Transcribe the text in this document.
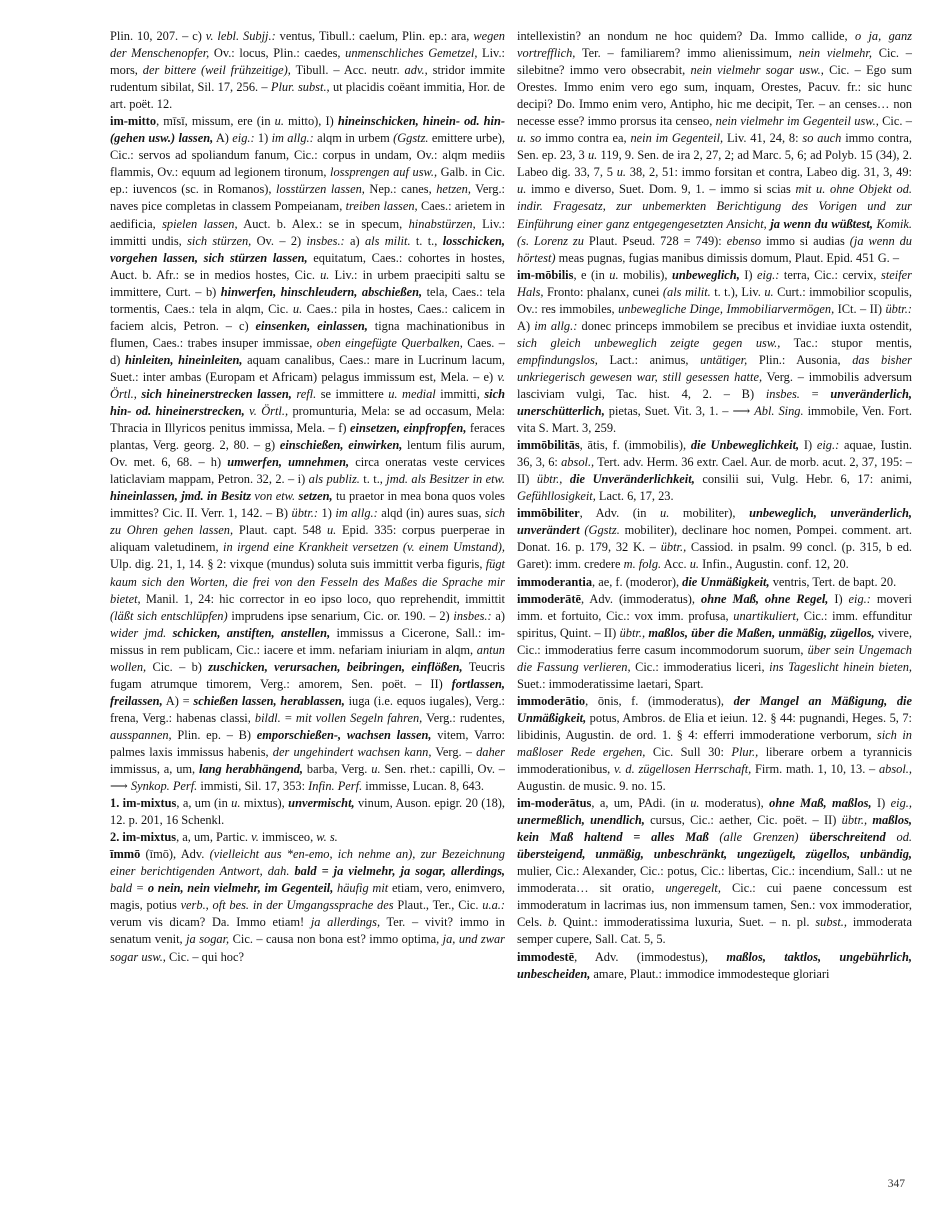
Plin. 10, 207. – c) v. lebl. Subjj.: ventus, Tibull.: caelum, Plin. ep.: ara, wegen der Menschenopfer, Ov.: locus, Plin.: caedes, unmenschliches Gemetzel, Liv.: mors, der bittere (weil frühzeitige), Tibull. – Acc. neutr. adv., stridor immite rudentum sibilat, Sil. 17, 256. – Plur. subst., ut placidis coëant immitia, Hor. de art. poët. 12.

im-mitto, mīsī, missum, ere (in u. mitto), I) hineinschicken, hinein- od. hin- (gehen usw.) lassen, A) eig.: 1) im allg.: alqm in urbem (Ggstz. emittere urbe), Cic.: servos ad spoliandum fanum, Cic.: corpus in undam, Ov.: alqm mediis flammis, Ov.: equum ad legionem tironum, lossprengen auf usw., Galb. in Cic. ep.: iuvencos (sc. in Romanos), losstürzen lassen, Nep.: canes, hetzen, Verg.: naves pice completas in classem Pompeianam, treiben lassen, Caes.: arietem in aedificia, spielen lassen, Auct. b. Alex.: se in specum, hinabstürzen, Liv.: immitti undis, sich stürzen, Ov. – 2) insbes.: a) als milit. t. t., losschicken, vorgehen lassen, sich stürzen lassen, equitatum, Caes.: cohortes in hostes, Auct. b. Afr.: se in medios hostes, Cic. u. Liv.: in urbem praecipiti saltu se immittere, Curt. – b) hinwerfen, hinschleudern, abschießen, tela, Caes.: tela tormentis, Caes.: tela in alqm, Cic. u. Caes.: pila in hostes, Caes.: calicem in faciem alcis, Petron. – c) einsenken, einlassen, tigna machinationibus in flumen, Caes.: trabes insuper immissae, oben eingefügte Querbalken, Caes. – d) hinleiten, hineinleiten, aquam canalibus, Caes.: mare in Lucrinum lacum, Suet.: inter ambas (Europam et Africam) pelagus immissum est, Mela. – e) v. Örtl., sich hineinerstrecken lassen, refl. se immittere u. medial immitti, sich hin- od. hineinerstrecken, v. Örtl., promunturia, Mela: se ad occasum, Mela: Thracia in Illyricos penitus immissa, Mela. – f) einsetzen, einpfropfen, feraces plantas, Verg. georg. 2, 80. – g) einschießen, einwirken, lentum filis aurum, Ov. met. 6, 68. – h) umwerfen, umnehmen, circa oneratas veste cervices laticlaviam mappam, Petron. 32, 2. – i) als publiz. t. t., jmd. als Besitzer in etw. hineinlassen, jmd. in Besitz von etw. setzen, tu praetor in mea bona quos voles immittes? Cic. II. Verr. 1, 142. – B) übtr.: 1) im allg.: alqd (in) aures suas, sich zu Ohren gehen lassen, Plaut. capt. 548 u. Epid. 335: corpus puerperae in aliquam valetudinem, in irgend eine Krankheit versetzen (v. einem Umstand), Ulp. dig. 21, 1, 14. § 2: vixque (mundus) soluta suis immittit verba figuris, fügt kaum sich den Worten, die frei von den Fesseln des Maßes die Sprache mir bietet, Manil. 1, 24: hic corrector in eo ipso loco, quo reprehendit, immittit (läßt sich entschlüpfen) imprudens ipse senarium, Cic. or. 190. – 2) insbes.: a) wider jmd. schicken, anstiften, anstellen, immissus a Cicerone, Sall.: immissus in rem publicam, Cic.: iacere et imm. nefariam iniuriam in alqm, antun wollen, Cic. – b) zuschicken, verursachen, beibringen, einflößen, Teucris fugam atrumque timorem, Verg.: amorem, Sen. poët. – II) fortlassen, freilassen, A) = schießen lassen, herablassen, iuga (i.e. equos iugales), Verg.: frena, Verg.: habenas classi, bildl. = mit vollen Segeln fahren, Verg.: rudentes, ausspannen, Plin. ep. – B) emporschießen-, wachsen lassen, vitem, Varro: palmes laxis immissus habenis, der ungehindert wachsen kann, Verg. – daher immissus, a, um, lang herabhängend, barba, Verg. u. Sen. rhet.: capilli, Ov. – ⟶ Synkop. Perf. immisti, Sil. 17, 353: Infin. Perf. immisse, Lucan. 8, 643.

1. im-mixtus, a, um (in u. mixtus), unvermischt, vinum, Auson. epigr. 20 (18), 12. p. 201, 16 Schenkl.

2. im-mixtus, a, um, Partic. v. immisceo, w. s.

īmmō (īmō), Adv. (vielleicht aus *en-emo, ich nehme an), zur Bezeichnung einer berichtigenden Antwort, dah. bald = ja vielmehr, ja sogar, allerdings, bald = o nein, nein vielmehr, im Gegenteil, häufig mit etiam, vero, enimvero, magis, potius verb., oft bes. in der Umgangssprache des Plaut., Ter., Cic. u.a.: verum vis dicam? Da. Immo etiam! ja allerdings, Ter. – vivit? immo in senatum venit, ja sogar, Cic. – causa non bona est? immo optima, ja, und zwar sogar usw., Cic. – qui hoc?

intellexistin? an nondum ne hoc quidem? Da. Immo callide, o ja, ganz vortrefflich, Ter. – familiarem? immo alienissimum, nein vielmehr, Cic. – silebitne? immo vero obsecrabit, nein vielmehr sogar usw., Cic. – Ego sum Orestes. Immo enim vero ego sum, inquam, Orestes, Pacuv. fr.: sic hunc decipi? Do. Immo enim vero, Antipho, hic me decipit, Ter. – an censes… non necesse esse? immo prorsus ita censeo, nein vielmehr im Gegenteil usw., Cic. – u. so immo contra ea, nein im Gegenteil, Liv. 41, 24, 8: so auch immo contra, Sen. ep. 23, 3 u. 119, 9. Sen. de ira 2, 27, 2; ad Marc. 5, 6; ad Polyb. 15 (34), 2. Labeo dig. 33, 7, 5 u. 38, 2, 51: immo forsitan et contra, Labeo dig. 31, 3, 49: u. immo e diverso, Suet. Dom. 9, 1. – immo si scias mit u. ohne Objekt od. indir. Fragesatz, zur unbemerkten Berichtigung des Vorigen und zur Einführung einer ganz entgegengesetzten Ansicht, ja wenn du wüßtest, Komik. (s. Lorenz zu Plaut. Pseud. 728 = 749): ebenso immo si audias (ja wenn du hörtest) meas pugnas, fugias manibus dimissis domum, Plaut. Epid. 451 G. –

im-mōbilis, e (in u. mobilis), unbeweglich, I) eig.: terra, Cic.: cervix, steifer Hals, Fronto: phalanx, cunei (als milit. t. t.), Liv. u. Curt.: immobilior scopulis, Ov.: res immobiles, unbewegliche Dinge, Immobiliarvermögen, ICt. – II) übtr.: A) im allg.: donec princeps immobilem se precibus et invidiae iuxta ostendit, sich gleich unbeweglich zeigte gegen usw., Tac.: stupor mentis, empfindungslos, Lact.: animus, untätiger, Plin.: Ausonia, das bisher unkriegerisch gewesen war, still gesessen hatte, Verg. – immobilis adversum lasciviam vulgi, Tac. hist. 4, 2. – B) insbes. = unveränderlich, unerschütterlich, pietas, Suet. Vit. 3, 1. – ⟶ Abl. Sing. immobile, Ven. Fort. vita S. Mart. 3, 259.

immōbilitās, ātis, f. (immobilis), die Unbeweglichkeit, I) eig.: aquae, Iustin. 36, 3, 6: absol., Tert. adv. Herm. 36 extr. Cael. Aur. de morb. acut. 2, 37, 195: – II) übtr., die Unveränderlichkeit, consilii sui, Vulg. Hebr. 6, 17: animi, Gefühllosigkeit, Lact. 6, 17, 23.

immōbiliter, Adv. (in u. mobiliter), unbeweglich, unveränderlich, unverändert (Ggstz. mobiliter), declinare hoc nomen, Pompei. comment. art. Donat. 16. p. 179, 32 K. – übtr., Cassiod. in psalm. 99 concl. (p. 315, b ed. Garet): imm. credere m. folg. Acc. u. Infin., Augustin. conf. 12, 20.

immoderantia, ae, f. (moderor), die Unmäßigkeit, ventris, Tert. de bapt. 20.

immoderātē, Adv. (immoderatus), ohne Maß, ohne Regel, I) eig.: moveri imm. et fortuito, Cic.: vox imm. profusa, unartikuliert, Cic.: imm. effunditur spiritus, Quint. – II) übtr., maßlos, über die Maßen, unmäßig, zügellos, vivere, Cic.: immoderatius ferre casum incommodorum suorum, über sein Ungemach die Fassung verlieren, Cic.: immoderatius liceri, ins Tageslicht hinein bieten, Suet.: immoderatissime laetari, Spart.

immoderātio, ōnis, f. (immoderatus), der Mangel an Mäßigung, die Unmäßigkeit, potus, Ambros. de Elia et ieiun. 12. § 44: pugnandi, Heges. 5, 7: libidinis, Augustin. de ord. 1. § 4: efferri immoderatione verborum, sich in maßloser Rede ergehen, Cic. Sull 30: Plur., liberare orbem a tyrannicis immoderationibus, v. d. zügellosen Herrschaft, Firm. math. 1, 10, 13. – absol., Augustin. de music. 9. no. 15.

im-moderātus, a, um, PAdi. (in u. moderatus), ohne Maß, maßlos, I) eig., unermeßlich, unendlich, cursus, Cic.: aether, Cic. poët. – II) übtr., maßlos, kein Maß haltend = alles Maß (alle Grenzen) überschreitend od. übersteigend, unmäßig, unbeschränkt, ungezügelt, zügellos, unbändig, mulier, Cic.: Alexander, Cic.: potus, Cic.: libertas, Cic.: incendium, Sall.: ut ne immoderata… sit oratio, ungeregelt, Cic.: cui paene concessum est immoderatum in lacrimas ius, non immensum tamen, Sen.: vox immoderatior, Cels. b. Quint.: immoderatissima luxuria, Suet. – n. pl. subst., immoderata semper cupere, Sall. Cat. 5, 5.

immodestē, Adv. (immodestus), maßlos, taktlos, ungebührlich, unbescheiden, amare, Plaut.: immodice immodesteque gloriari

347
